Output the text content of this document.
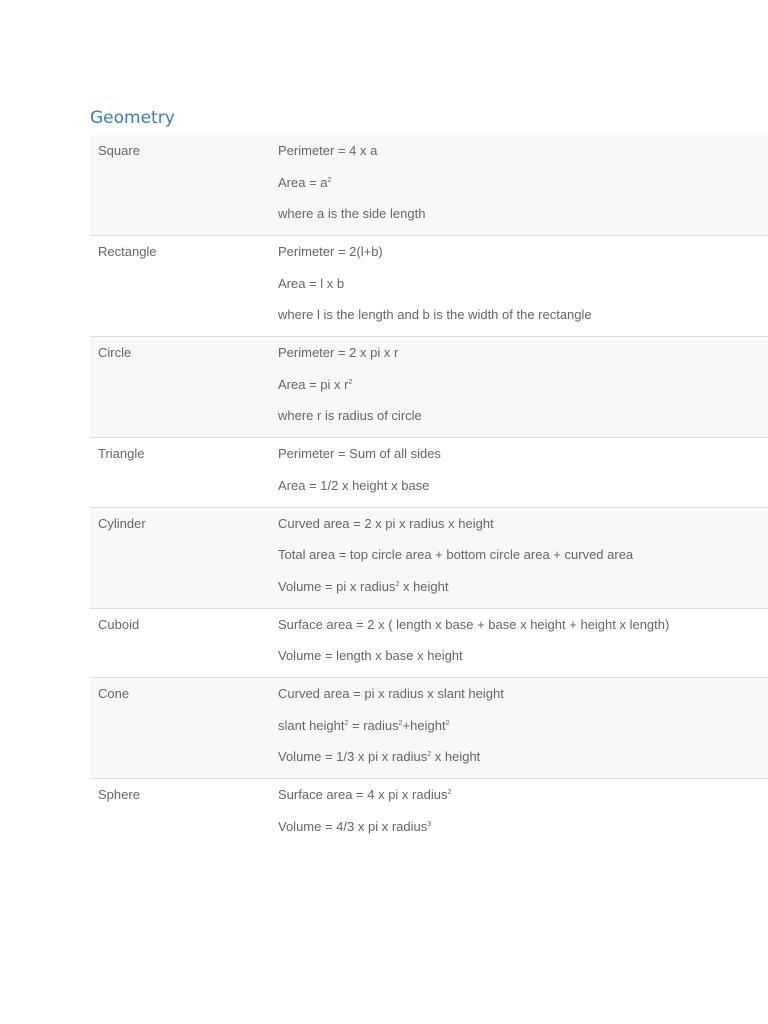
Geometry
Square	Perimeter = 4 x a
Area = $a^2$
where a is the side length
Rectangle	Perimeter = 2(l+b)
Area = l x b
where l is the length and b is the width of the rectangle
Circle	Perimeter = 2 x pi x r
Area = pi x $r^2$
where r is radius of circle
Triangle	Perimeter = Sum of all sides
Area = 1/2 x height x base
Cylinder	Curved area = 2 x pi x radius x height
Total area = top circle area + bottom circle area + curved area
Volume = pi x radius$^2$ x height
Cuboid	Surface area = 2 x ( length x base + base x height + height x length)
Volume = length x base x height
Cone	Curved area = pi x radius x slant height
slant height$^2$ = radius$^2$+height$^2$
Volume = 1/3 x pi x radius$^2$ x height
Sphere	Surface area = 4 x pi x radius$^2$
Volume = 4/3 x pi x radius$^3$
